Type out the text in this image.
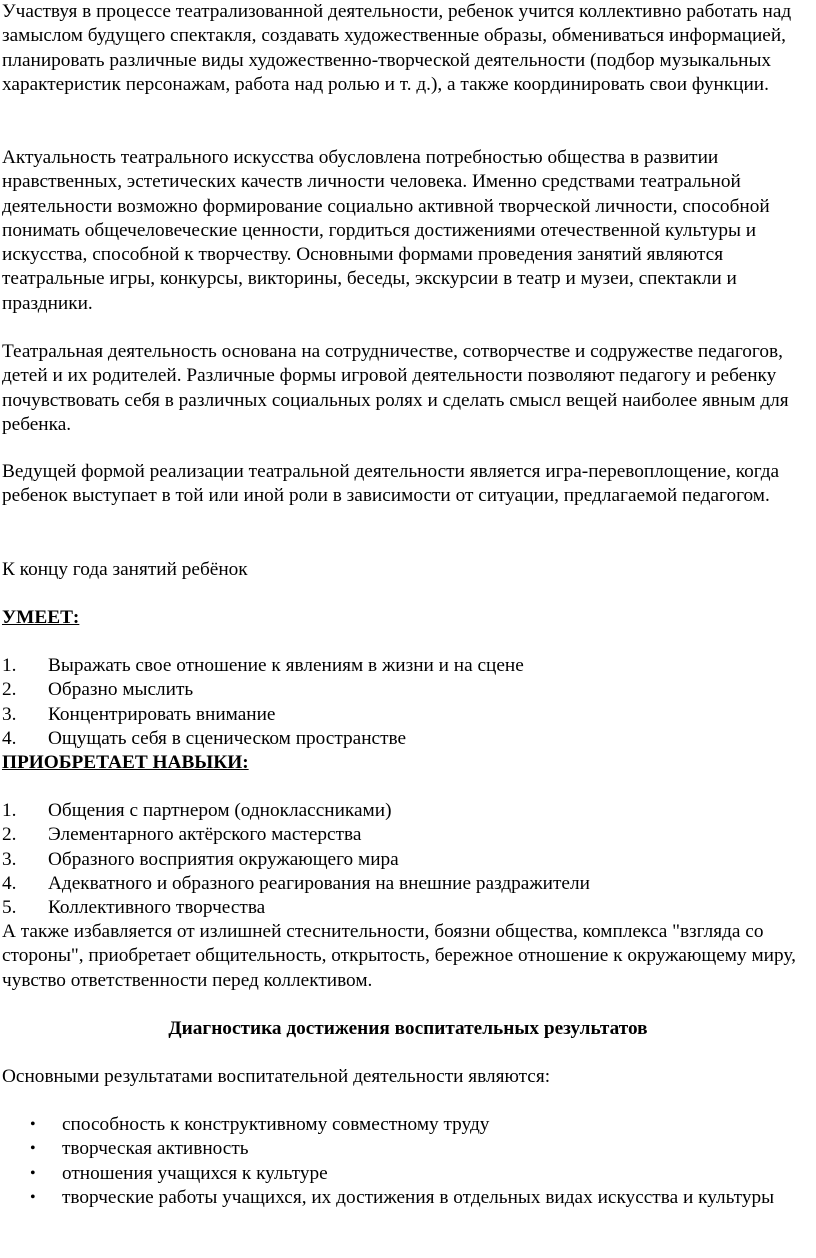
Участвуя в процессе театрализованной деятельности, ребенок учится коллективно работать над замыслом будущего спектакля, создавать художественные образы, обмениваться информацией, планировать различные виды художественно-творческой деятельности (подбор музыкальных характеристик персонажам, работа над ролью и т. д.), а также координировать свои функции.

Актуальность театрального искусства обусловлена потребностью общества в развитии нравственных, эстетических качеств личности человека. Именно средствами театральной деятельности возможно формирование социально активной творческой личности, способной понимать общечеловеческие ценности, гордиться достижениями отечественной культуры и искусства, способной к творчеству. Основными формами проведения занятий являются театральные игры, конкурсы, викторины, беседы, экскурсии в театр и музеи, спектакли и праздники.

Театральная деятельность основана на сотрудничестве, сотворчестве и содружестве педагогов, детей и их родителей. Различные формы игровой деятельности позволяют педагогу и ребенку почувствовать себя в различных социальных ролях и сделать смысл вещей наиболее явным для ребенка.

Ведущей формой реализации театральной деятельности является игра-перевоплощение, когда ребенок выступает в той или иной роли в зависимости от ситуации, предлагаемой педагогом.

К концу года занятий ребёнок

УМЕЕТ:

1. Выражать свое отношение к явлениям в жизни и на сцене
2. Образно мыслить
3. Концентрировать внимание
4. Ощущать себя в сценическом пространстве

ПРИОБРЕТАЕТ НАВЫКИ:

1. Общения с партнером (одноклассниками)
2. Элементарного актёрского мастерства
3. Образного восприятия окружающего мира
4. Адекватного и образного реагирования на внешние раздражители
5. Коллективного творчества

А также избавляется от излишней стеснительности, боязни общества, комплекса "взгляда со стороны", приобретает общительность, открытость, бережное отношение к окружающему миру, чувство ответственности перед коллективом.

Диагностика достижения воспитательных результатов

Основными результатами воспитательной деятельности являются:

• способность к конструктивному совместному труду
• творческая активность
• отношения учащихся к культуре
• творческие работы учащихся, их достижения в отдельных видах искусства и культуры
